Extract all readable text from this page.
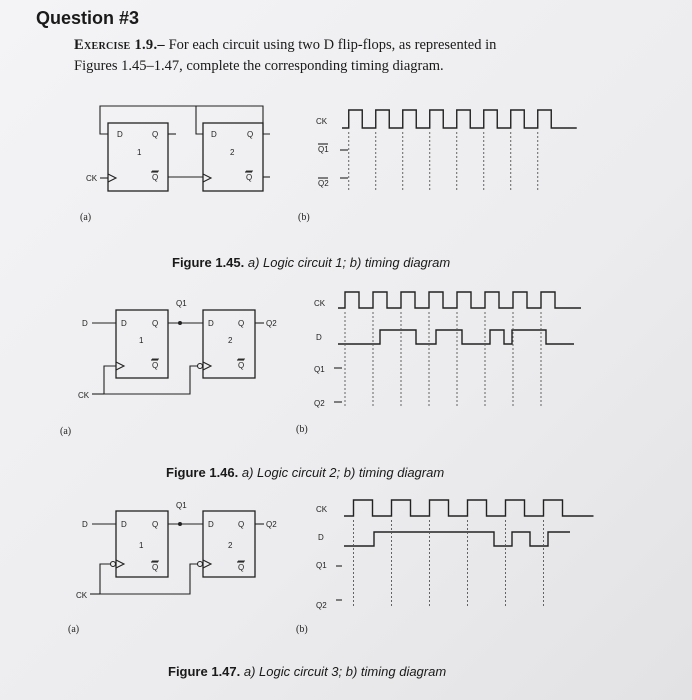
Question #3
Exercise 1.9.– For each circuit using two D flip-flops, as represented in
Figures 1.45–1.47, complete the corresponding timing diagram.
D	Q
1
Q
D	Q
2
Q
CK
(a)
CK
Q1
Q2
(b)
D	D	Q
1
Q
Q1
D	Q
2
Q
Q2
CK
(a)
CK
D
Q1
Q2
(b)
D	D	Q
1
Q
Q1
D	Q
2
Q
Q2
CK
(a)
CK
D
Q1
Q2
(b)
Figure 1.45. a) Logic circuit 1; b) timing diagram
Figure 1.46. a) Logic circuit 2; b) timing diagram
Figure 1.47. a) Logic circuit 3; b) timing diagram
